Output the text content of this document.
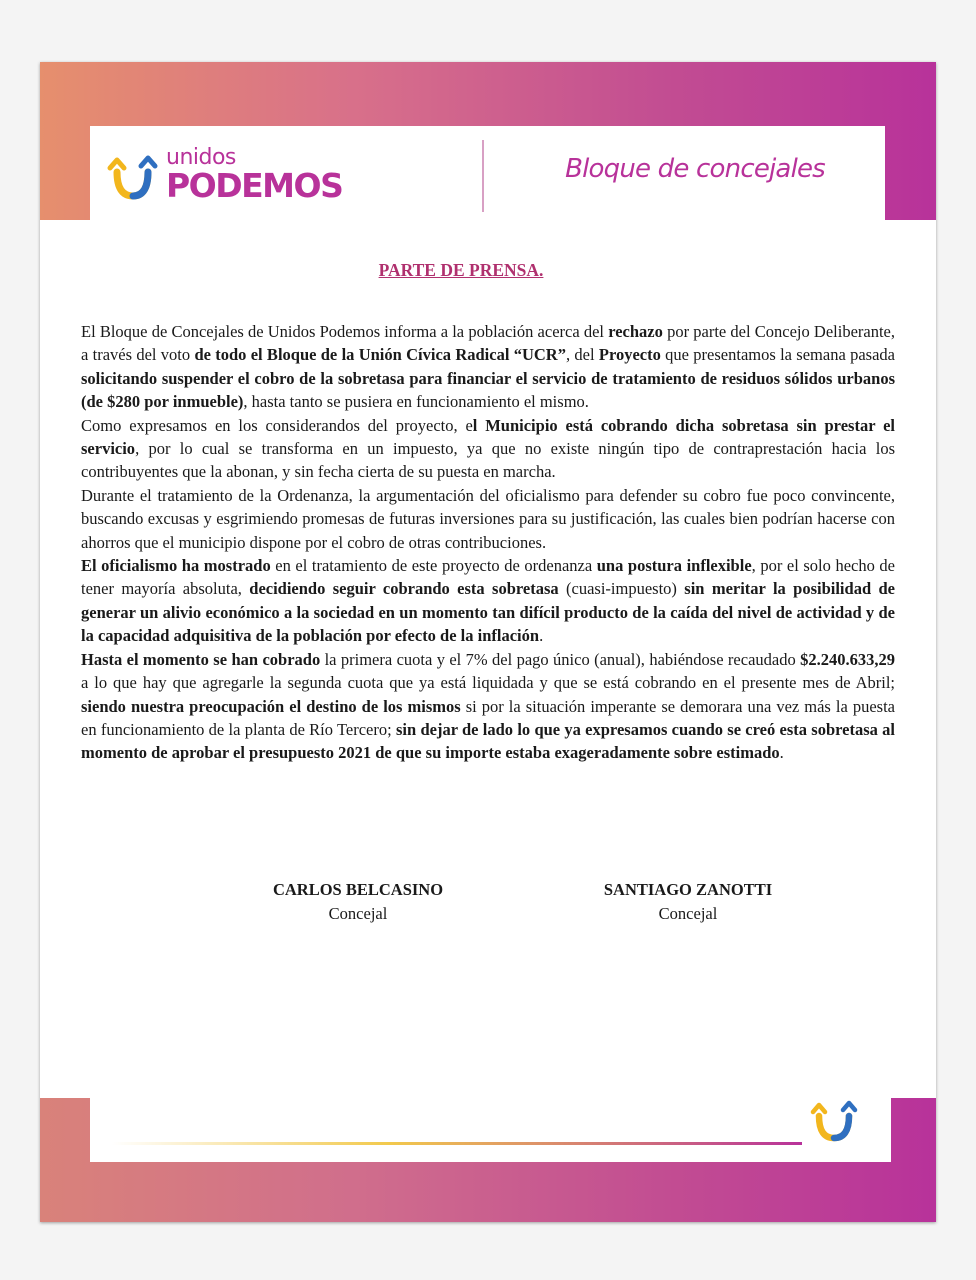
unidos
PODEMOS	Bloque de concejales
PARTE DE PRENSA.

El Bloque de Concejales de Unidos Podemos informa a la población acerca del rechazo por parte del Concejo Deliberante, a través del voto de todo el Bloque de la Unión Cívica Radical “UCR”, del Proyecto que presentamos la semana pasada solicitando suspender el cobro de la sobretasa para financiar el servicio de tratamiento de residuos sólidos urbanos (de $280 por inmueble), hasta tanto se pusiera en funcionamiento el mismo.

Como expresamos en los considerandos del proyecto, el Municipio está cobrando dicha sobretasa sin prestar el servicio, por lo cual se transforma en un impuesto, ya que no existe ningún tipo de contraprestación hacia los contribuyentes que la abonan, y sin fecha cierta de su puesta en marcha.

Durante el tratamiento de la Ordenanza, la argumentación del oficialismo para defender su cobro fue poco convincente, buscando excusas y esgrimiendo promesas de futuras inversiones para su justificación, las cuales bien podrían hacerse con ahorros que el municipio dispone por el cobro de otras contribuciones.

El oficialismo ha mostrado en el tratamiento de este proyecto de ordenanza una postura inflexible, por el solo hecho de tener mayoría absoluta, decidiendo seguir cobrando esta sobretasa (cuasi-impuesto) sin meritar la posibilidad de generar un alivio económico a la sociedad en un momento tan difícil producto de la caída del nivel de actividad y de la capacidad adquisitiva de la población por efecto de la inflación.

Hasta el momento se han cobrado la primera cuota y el 7% del pago único (anual), habiéndose recaudado $2.240.633,29 a lo que hay que agregarle la segunda cuota que ya está liquidada y que se está cobrando en el presente mes de Abril; siendo nuestra preocupación el destino de los mismos si por la situación imperante se demorara una vez más la puesta en funcionamiento de la planta de Río Tercero; sin dejar de lado lo que ya expresamos cuando se creó esta sobretasa al momento de aprobar el presupuesto 2021 de que su importe estaba exageradamente sobre estimado.

CARLOS BELCASINO
Concejal
SANTIAGO ZANOTTI
Concejal
